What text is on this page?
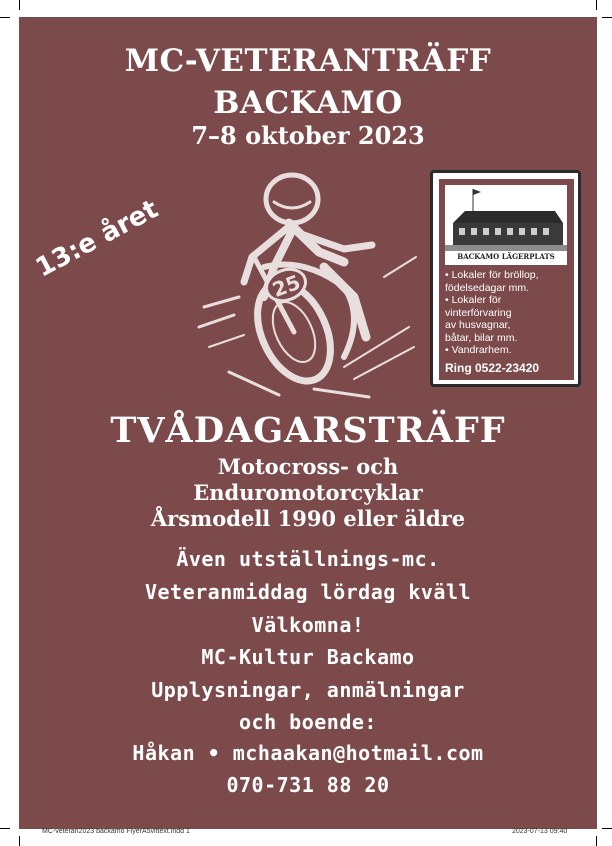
MC-VETERANTRÄFF
BACKAMO
7–8 oktober 2023
13:e året
25
BACKAMO LÄGERPLATS
• Lokaler för bröllop,
födelsedagar mm.
• Lokaler för
vinterförvaring
av husvagnar,
båtar, bilar mm.
• Vandrarhem.
Ring 0522-23420
TVÅDAGARSTRÄFF
Motocross- och
Enduromotorcyklar
Årsmodell 1990 eller äldre
Även utställnings-mc.
Veteranmiddag lördag kväll
Välkomna!
MC-Kultur Backamo
Upplysningar, anmälningar
och boende:
Håkan • mchaakan@hotmail.com
070-731 88 20
MC-veteran2023 backamo FlyerA5vittext.indd 1	2023-07-13 09:40
